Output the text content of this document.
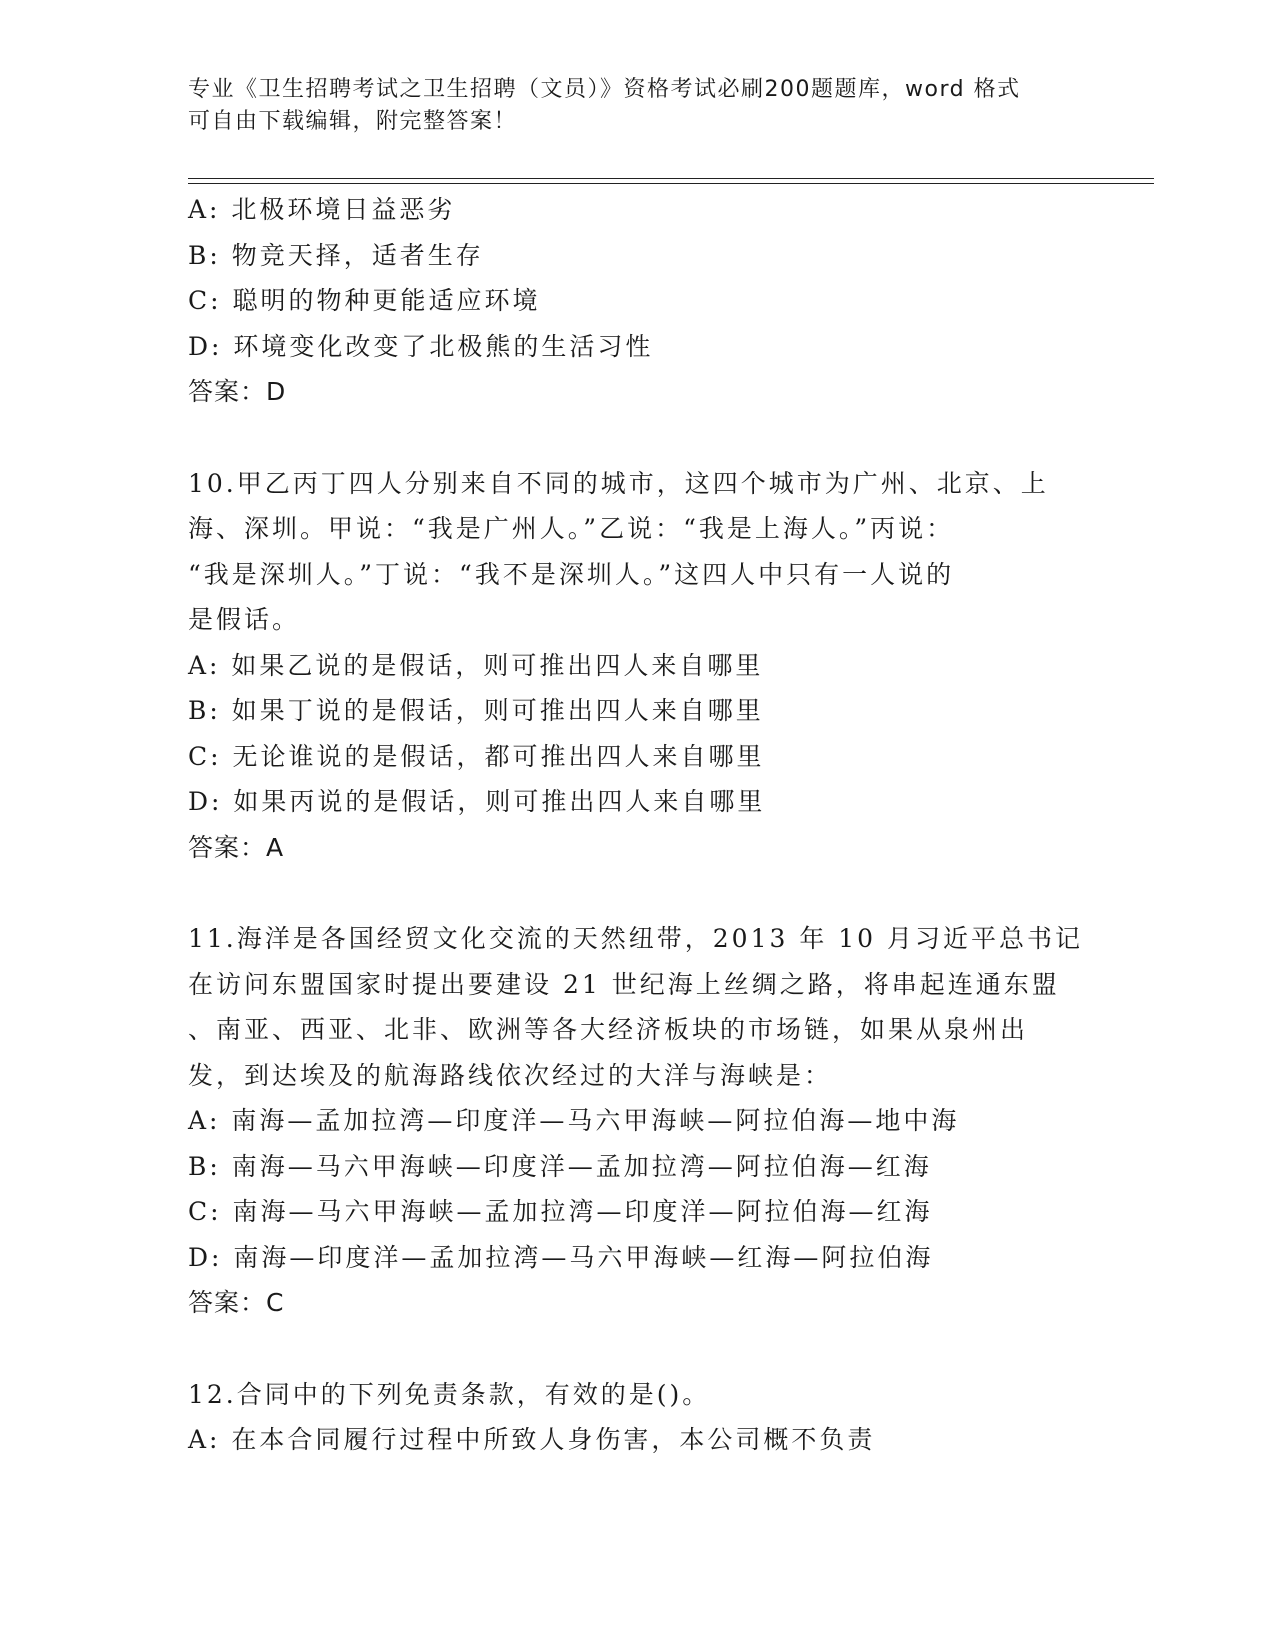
专业《卫生招聘考试之卫生招聘（文员）》资格考试必刷200题题库，word 格式
可自由下载编辑，附完整答案！
A: 北极环境日益恶劣
B: 物竞天择，适者生存
C: 聪明的物种更能适应环境
D: 环境变化改变了北极熊的生活习性
答案：D
10.甲乙丙丁四人分别来自不同的城市，这四个城市为广州、北京、上
海、深圳。甲说：“我是广州人。”乙说：“我是上海人。”丙说：
“我是深圳人。”丁说：“我不是深圳人。”这四人中只有一人说的
是假话。
A: 如果乙说的是假话，则可推出四人来自哪里
B: 如果丁说的是假话，则可推出四人来自哪里
C: 无论谁说的是假话，都可推出四人来自哪里
D: 如果丙说的是假话，则可推出四人来自哪里
答案：A
11.海洋是各国经贸文化交流的天然纽带，2013 年 10 月习近平总书记
在访问东盟国家时提出要建设 21 世纪海上丝绸之路，将串起连通东盟
、南亚、西亚、北非、欧洲等各大经济板块的市场链，如果从泉州出
发，到达埃及的航海路线依次经过的大洋与海峡是：
A: 南海—孟加拉湾—印度洋—马六甲海峡—阿拉伯海—地中海
B: 南海—马六甲海峡—印度洋—孟加拉湾—阿拉伯海—红海
C: 南海—马六甲海峡—孟加拉湾—印度洋—阿拉伯海—红海
D: 南海—印度洋—孟加拉湾—马六甲海峡—红海—阿拉伯海
答案：C
12.合同中的下列免责条款，有效的是()。
A: 在本合同履行过程中所致人身伤害，本公司概不负责
